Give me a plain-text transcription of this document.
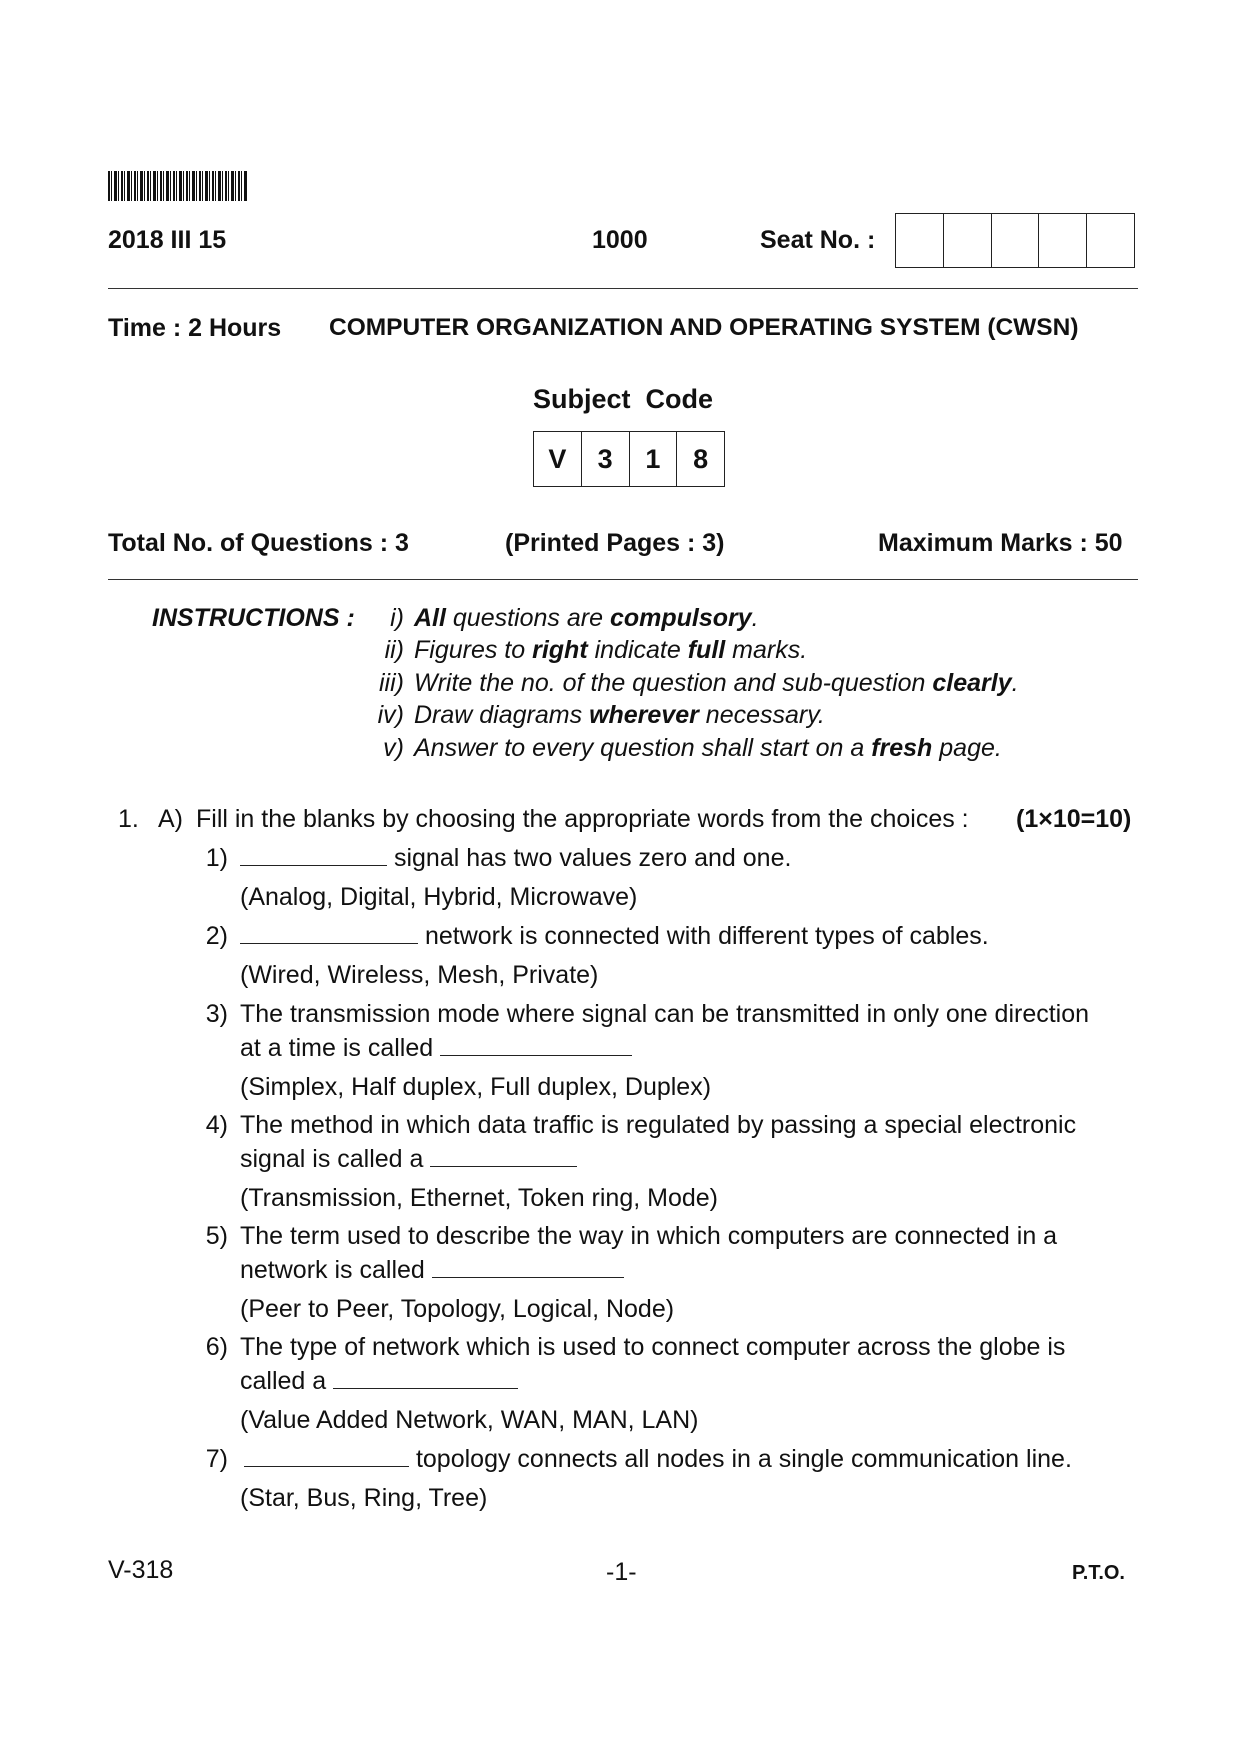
2018 III 15	1000	Seat No. :
Time : 2 Hours COMPUTER ORGANIZATION AND OPERATING SYSTEM (CWSN)
Subject  Code
V	3	1	8
Total No. of Questions : 3	(Printed Pages : 3)	Maximum Marks : 50
INSTRUCTIONS :	i) All questions are compulsory.
ii) Figures to right indicate full marks.
iii) Write the no. of the question and sub-question clearly.
iv) Draw diagrams wherever necessary.
v) Answer to every question shall start on a fresh page.
1. A) Fill in the blanks by choosing the appropriate words from the choices : (1×10=10)
1)	signal has two values zero and one.
(Analog, Digital, Hybrid, Microwave)
2)	network is connected with different types of cables.
(Wired, Wireless, Mesh, Private)
3) The transmission mode where signal can be transmitted in only one direction
at a time is called
(Simplex, Half duplex, Full duplex, Duplex)
4) The method in which data traffic is regulated by passing a special electronic
signal is called a
(Transmission, Ethernet, Token ring, Mode)
5) The term used to describe the way in which computers are connected in a
network is called
(Peer to Peer, Topology, Logical, Node)
6) The type of network which is used to connect computer across the globe is
called a
(Value Added Network, WAN, MAN, LAN)
7)	topology connects all nodes in a single communication line.
(Star, Bus, Ring, Tree)
V-318	-1-	P.T.O.
